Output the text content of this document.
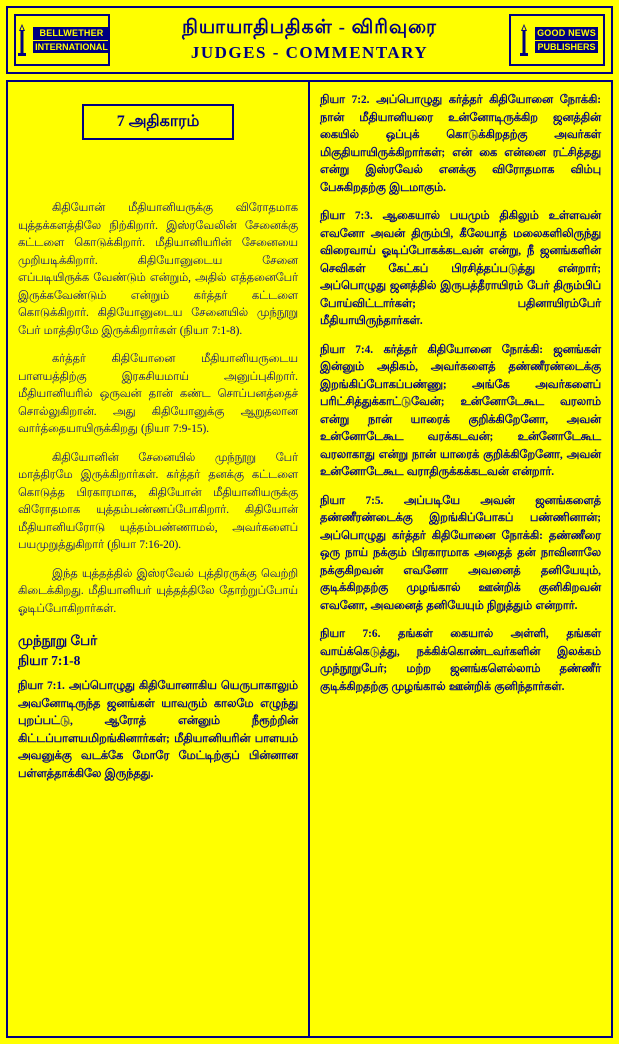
BELLWETHER
INTERNATIONAL
நியாயாதிபதிகள் - விரிவுரை
JUDGES - COMMENTARY
GOOD NEWS
PUBLISHERS
7 அதிகாரம்

கிதியோன் மீதியானியருக்கு விரோதமாக யுத்தக்களத்திலே நிற்கிறார். இஸ்ரவேலின் சேனைக்கு கட்டளை கொடுக்கிறார். மீதியானியரின் சேனையை முறியடிக்கிறார். கிதியோனுடைய சேனை எப்படியிருக்க வேண்டும் என்றும், அதில் எத்தனைபேர் இருக்கவேண்டும் என்றும் கர்த்தர் கட்டளை கொடுக்கிறார். கிதியோனுடைய சேனையில் முந்நூறு பேர் மாத்திரமே இருக்கிறார்கள் (நியா 7:1-8).

கர்த்தர் கிதியோனை மீதியானியருடைய பாளயத்திற்கு இரகசியமாய் அனுப்புகிறார். மீதியானியரில் ஒருவன் தான் கண்ட சொப்பனத்தைச் சொல்லுகிறான். அது கிதியோனுக்கு ஆறுதலான வார்த்தையாயிருக்கிறது (நியா 7:9-15).

கிதியோனின் சேனையில் முந்நூறு பேர் மாத்திரமே இருக்கிறார்கள். கர்த்தர் தனக்கு கட்டளை கொடுத்த பிரகாரமாக, கிதியோன் மீதியானியருக்கு விரோதமாக யுத்தம்பண்ணப்போகிறார். கிதியோன் மீதியானியரோடு யுத்தம்பண்ணாமல், அவர்களைப் பயமுறுத்துகிறார் (நியா 7:16-20).

இந்த யுத்தத்தில் இஸ்ரவேல் புத்திரருக்கு வெற்றி கிடைக்கிறது. மீதியானியர் யுத்தத்திலே தோற்றுப்போய் ஓடிப்போகிறார்கள்.

முந்நூறு பேர்
நியா 7:1-8

நியா 7:1. அப்பொழுது கிதியோனாகிய யெருபாகாலும் அவனோடிருந்த ஜனங்கள் யாவரும் காலமே எழுந்து புறப்பட்டு, ஆரோத் என்னும் நீரூற்றின் கிட்டப்பாளயமிறங்கினார்கள்; மீதியானியரின் பாளயம் அவனுக்கு வடக்கே மோரே மேட்டிற்குப் பின்னான பள்ளத்தாக்கிலே இருந்தது.

நியா 7:2. அப்பொழுது கர்த்தர் கிதியோனை நோக்கி: நான் மீதியானியரை உன்னோடிருக்கிற ஜனத்தின் கையில் ஒப்புக் கொடுக்கிறதற்கு அவர்கள் மிகுதியாயிருக்கிறார்கள்; என் கை என்னை ரட்சித்தது என்று இஸ்ரவேல் எனக்கு விரோதமாக விம்பு பேசுகிறதற்கு இடமாகும்.

நியா 7:3. ஆகையால் பயமும் திகிலும் உள்ளவன் எவனோ அவன் திரும்பி, கீலேயாத் மலைகளிலிருந்து விரைவாய் ஓடிப்போகக்கடவன் என்று, நீ ஜனங்களின் செவிகள் கேட்கப் பிரசித்தப்படுத்து என்றார்; அப்பொழுது ஜனத்தில் இருபத்தீராயிரம் பேர் திரும்பிப் போய்விட்டார்கள்; பதினாயிரம்பேர் மீதியாயிருந்தார்கள்.

நியா 7:4. கர்த்தர் கிதியோனை நோக்கி: ஜனங்கள் இன்னும் அதிகம், அவர்களைத் தண்ணீரண்டைக்கு இறங்கிப்போகப்பண்ணு; அங்கே அவர்களைப் பரிட்சித்துக்காட்டுவேன்; உன்னோடேகூட வரலாம் என்று நான் யாரைக் குறிக்கிறேனோ, அவன் உன்னோடேகூட வரக்கடவன்; உன்னோடேகூட வரலாகாது என்று நான் யாரைக் குறிக்கிறேனோ, அவன் உன்னோடேகூட வராதிருக்கக்கடவன் என்றார்.

நியா 7:5. அப்படியே அவன் ஜனங்களைத் தண்ணீரண்டைக்கு இறங்கிப்போகப் பண்ணினான்; அப்பொழுது கர்த்தர் கிதியோனை நோக்கி: தண்ணீரை ஒரு நாய் நக்கும் பிரகாரமாக அதைத் தன் நாவினாலே நக்குகிறவன் எவனோ அவனைத் தனியேயும், குடிக்கிறதற்கு முழங்கால் ஊன்றிக் குனிகிறவன் எவனோ, அவனைத் தனியேயும் நிறுத்தும் என்றார்.

நியா 7:6. தங்கள் கையால் அள்ளி, தங்கள் வாய்க்கெடுத்து, நக்கிக்கொண்டவர்களின் இலக்கம் முந்நூறுபேர்; மற்ற ஜனங்களெல்லாம் தண்ணீர் குடிக்கிறதற்கு முழங்கால் ஊன்றிக் குனிந்தார்கள்.
